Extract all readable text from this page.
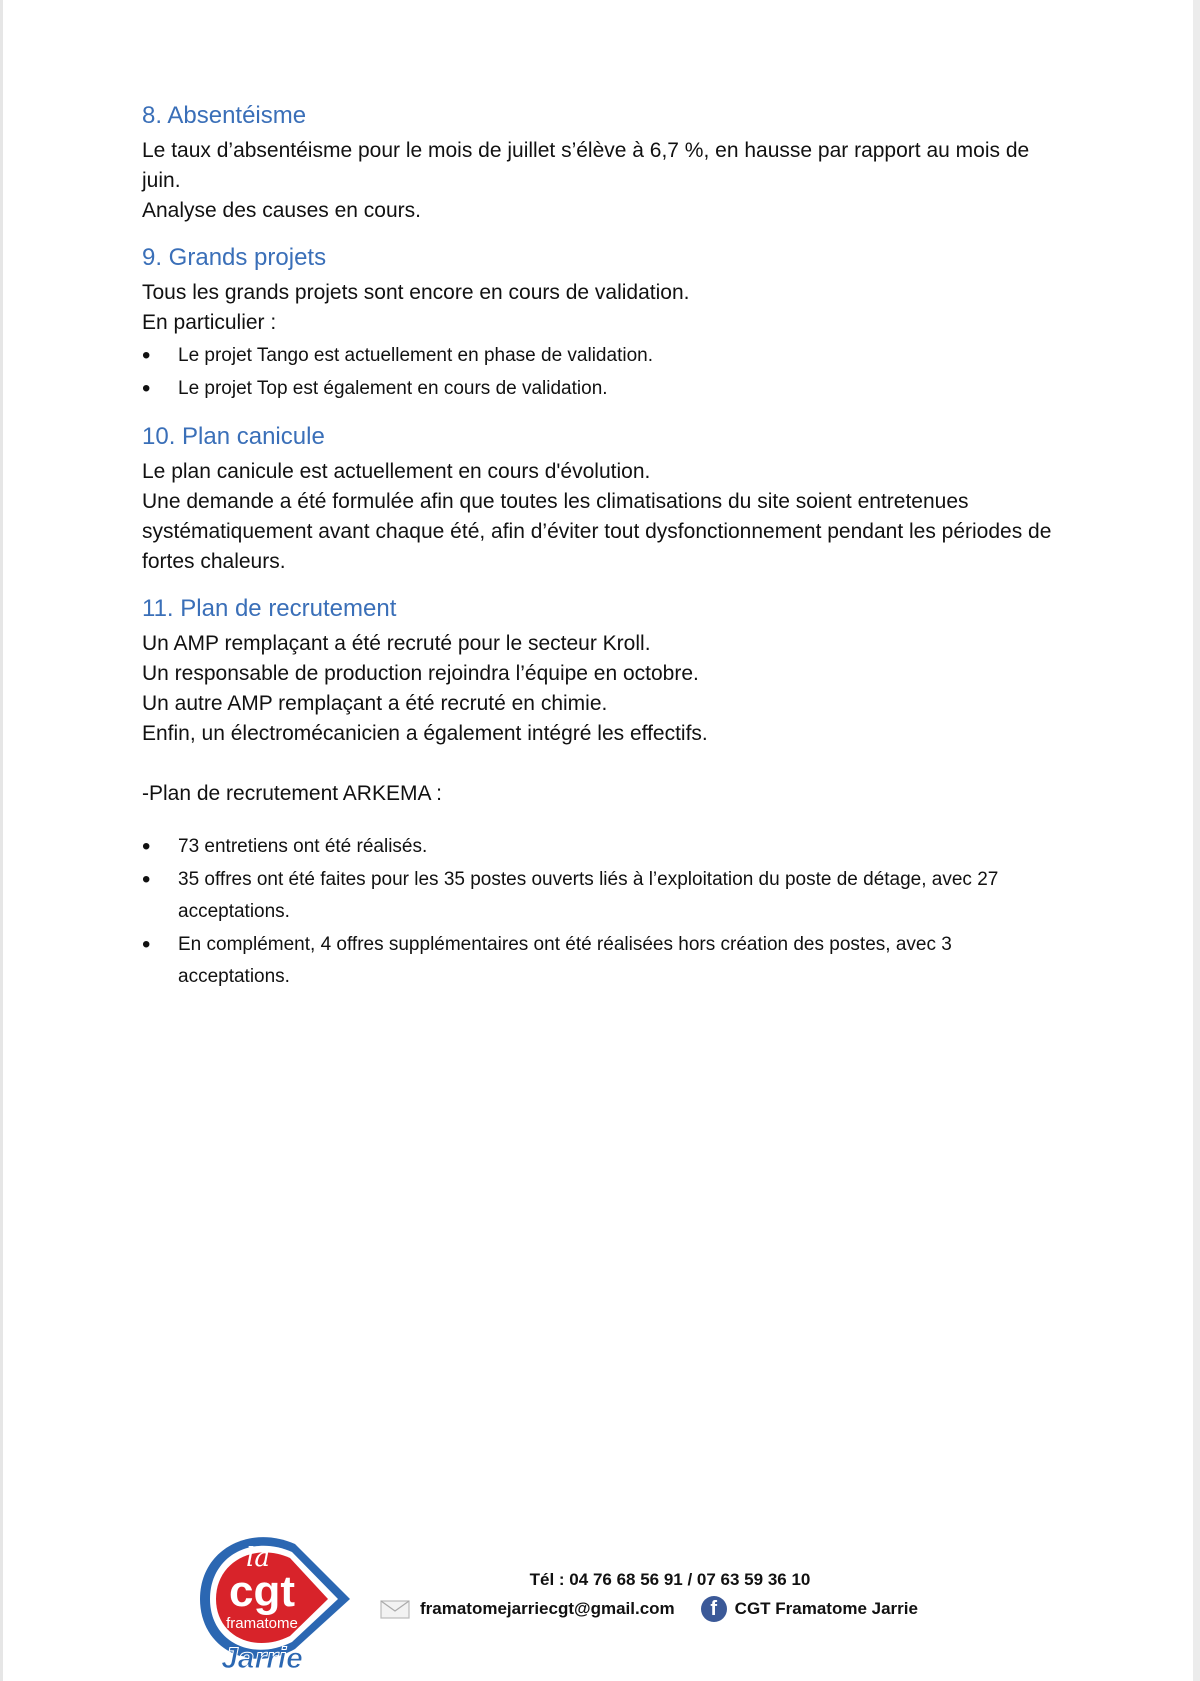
8. Absentéisme

Le taux d’absentéisme pour le mois de juillet s’élève à 6,7 %, en hausse par rapport au mois de juin.

Analyse des causes en cours.

9. Grands projets

Tous les grands projets sont encore en cours de validation.

En particulier :

• Le projet Tango est actuellement en phase de validation.
• Le projet Top est également en cours de validation.
10. Plan canicule

Le plan canicule est actuellement en cours d'évolution.

Une demande a été formulée afin que toutes les climatisations du site soient entretenues systématiquement avant chaque été, afin d’éviter tout dysfonctionnement pendant les périodes de fortes chaleurs.

11. Plan de recrutement

Un AMP remplaçant a été recruté pour le secteur Kroll.

Un responsable de production rejoindra l’équipe en octobre.

Un autre AMP remplaçant a été recruté en chimie.

Enfin, un électromécanicien a également intégré les effectifs.

-Plan de recrutement ARKEMA :

• 73 entretiens ont été réalisés.
• 35 offres ont été faites pour les 35 postes ouverts liés à l’exploitation du poste de détage, avec 27 acceptations.
• En complément, 4 offres supplémentaires ont été réalisées hors création des postes, avec 3 acceptations.
la
cgt
framatome
Jarrie
Tél : 04 76 68 56 91 / 07 63 59 36 10
framatomejarriecgt@gmail.com	f	CGT Framatome Jarrie
